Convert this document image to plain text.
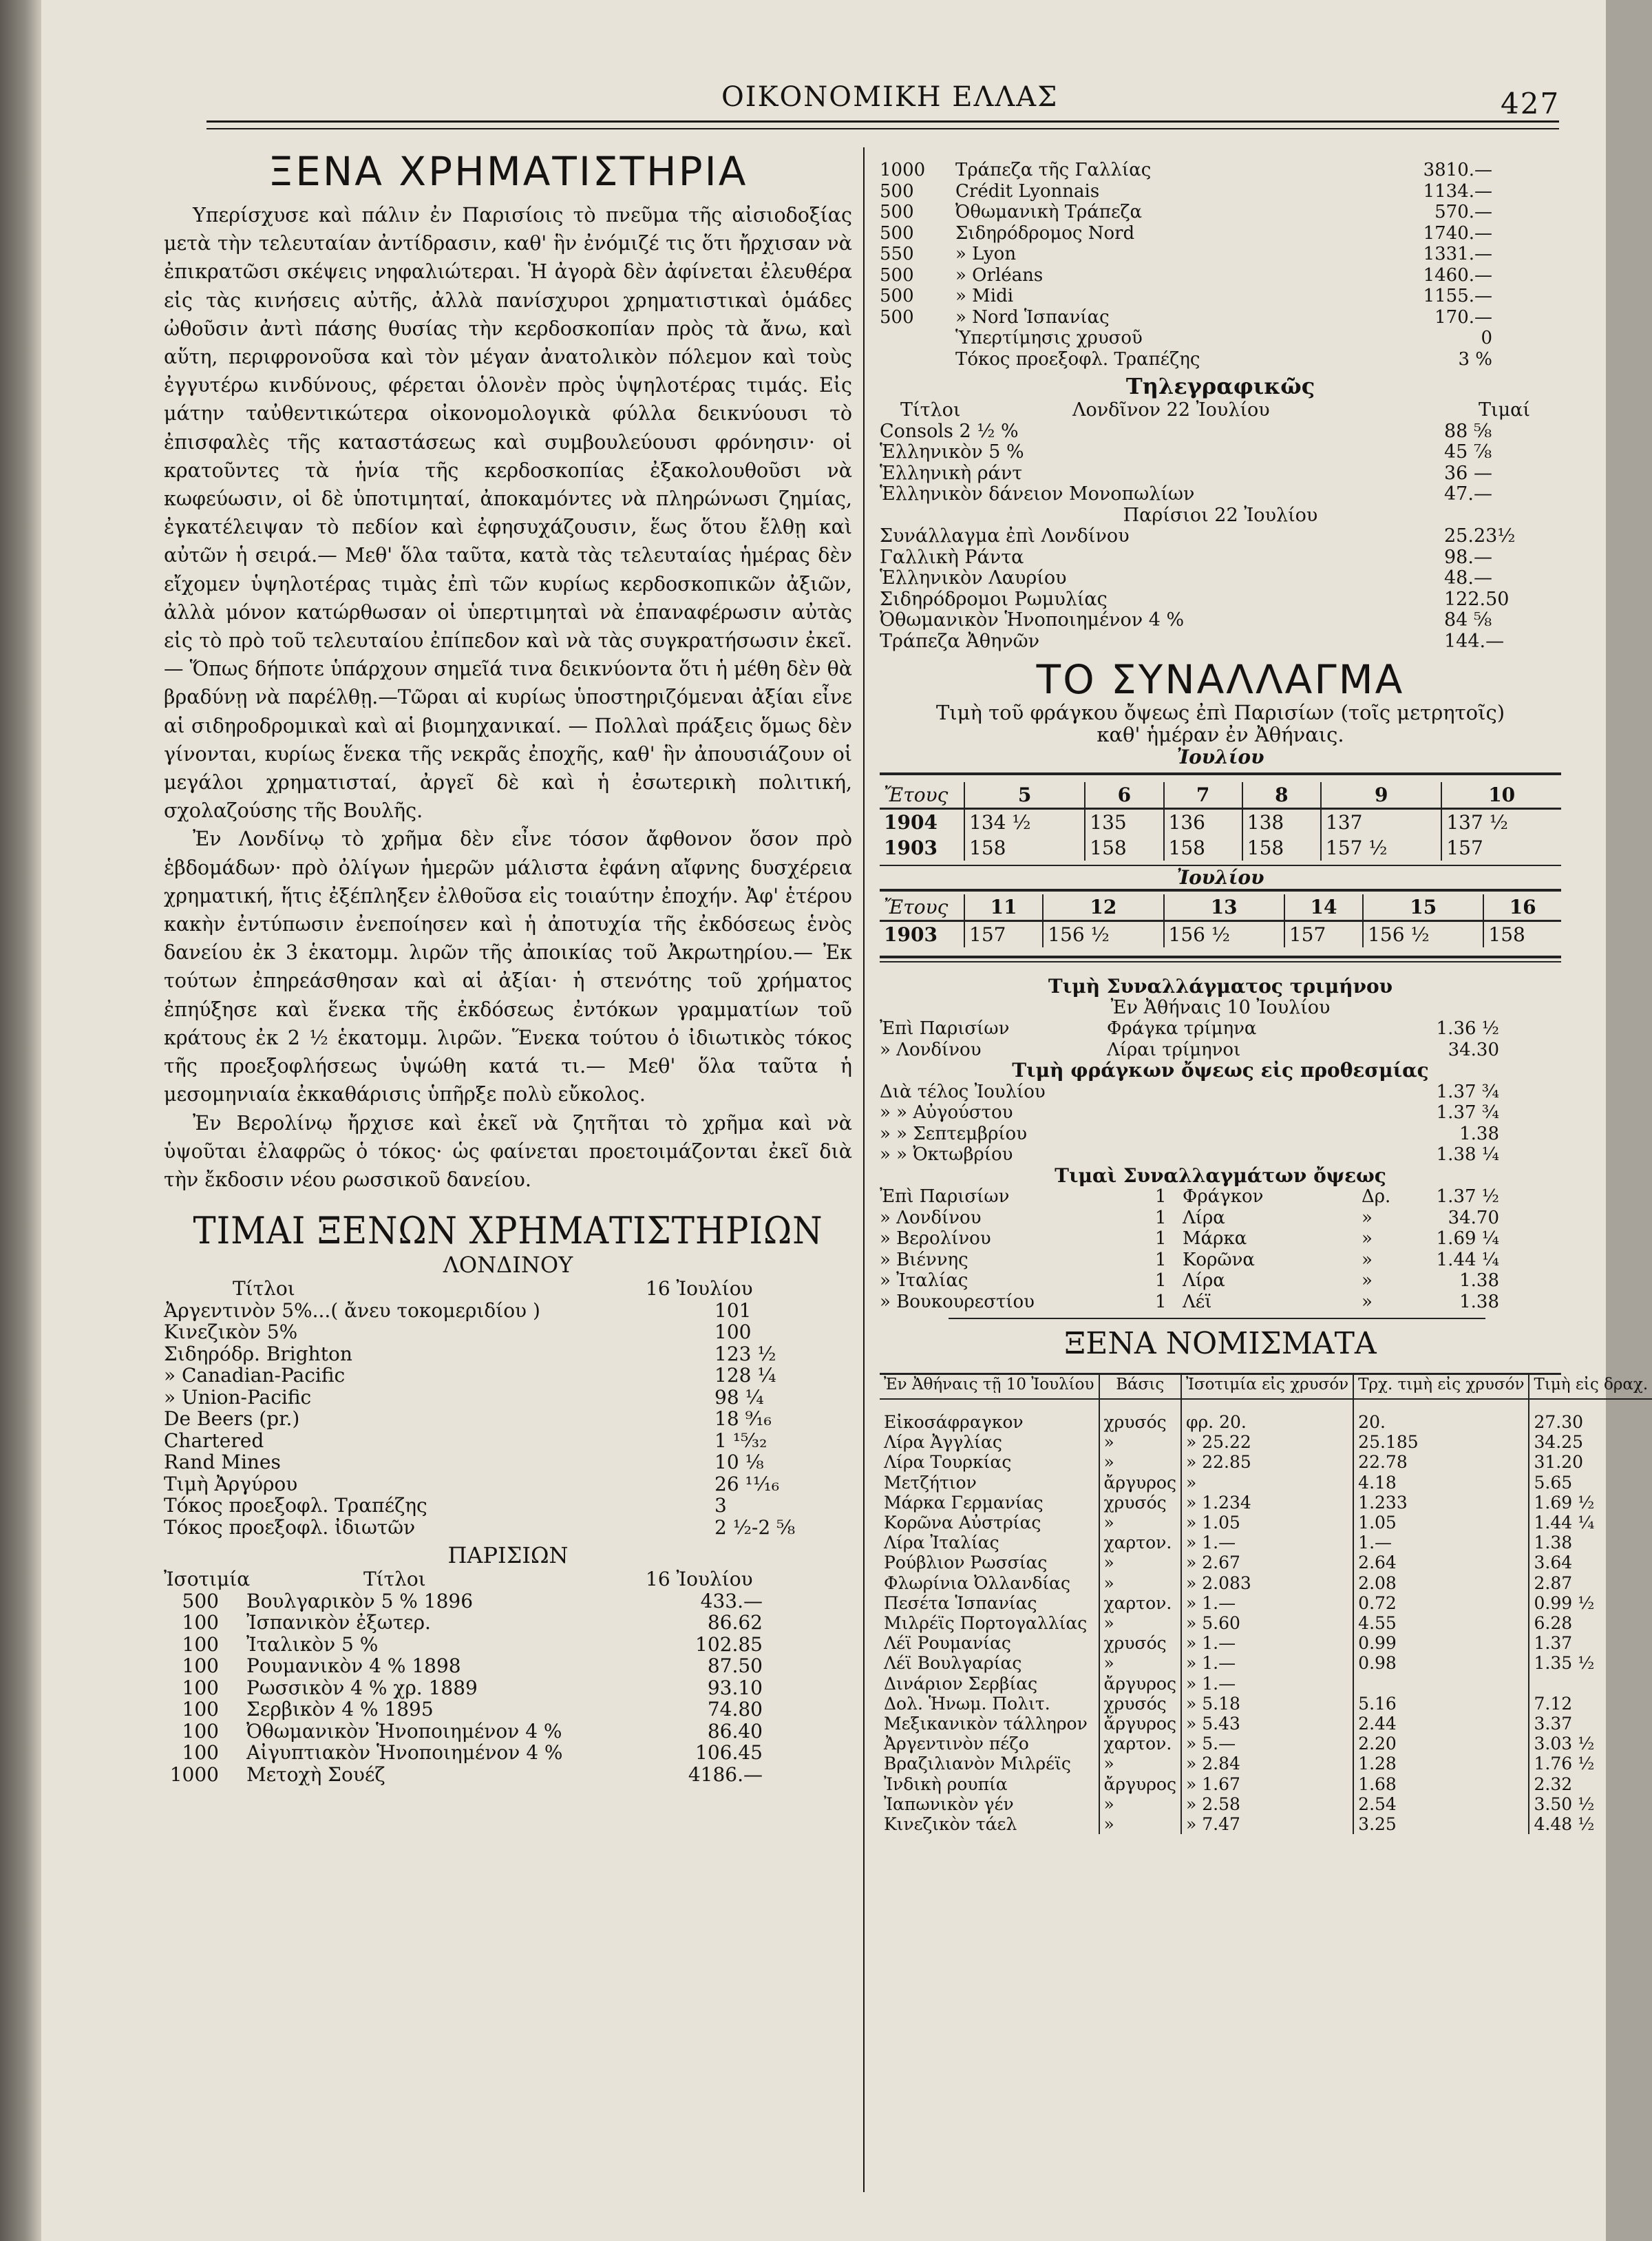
ΟΙΚΟΝΟΜΙΚΗ ΕΛΛΑΣ	427
ΞΕΝΑ ΧΡΗΜΑΤΙΣΤΗΡΙΑ

Υπερίσχυσε καὶ πάλιν ἐν Παρισίοις τὸ πνεῦμα τῆς αἰσιοδοξίας μετὰ τὴν τελευταίαν ἀντίδρασιν, καθ' ἣν ἐνόμιζέ τις ὅτι ἤρχισαν νὰ ἐπικρατῶσι σκέψεις νηφαλιώτεραι. Ἡ ἀγορὰ δὲν ἀφίνεται ἐλευθέρα εἰς τὰς κινήσεις αὐτῆς, ἀλλὰ πανίσχυροι χρηματιστικαὶ ὁμάδες ὠθοῦσιν ἀντὶ πάσης θυσίας τὴν κερδοσκοπίαν πρὸς τὰ ἄνω, καὶ αὕτη, περιφρονοῦσα καὶ τὸν μέγαν ἀνατολικὸν πόλεμον καὶ τοὺς ἐγγυτέρω κινδύνους, φέρεται ὁλονὲν πρὸς ὑψηλοτέρας τιμάς. Εἰς μάτην ταὐθεντικώτερα οἰκονομολογικὰ φύλλα δεικνύουσι τὸ ἐπισφαλὲς τῆς καταστάσεως καὶ συμβουλεύουσι φρόνησιν· οἱ κρατοῦντες τὰ ἡνία τῆς κερδοσκοπίας ἐξακολουθοῦσι νὰ κωφεύωσιν, οἱ δὲ ὑποτιμηταί, ἀποκαμόντες νὰ πληρώνωσι ζημίας, ἐγκατέλειψαν τὸ πεδίον καὶ ἐφησυχάζουσιν, ἕως ὅτου ἔλθῃ καὶ αὐτῶν ἡ σειρά.— Μεθ' ὅλα ταῦτα, κατὰ τὰς τελευταίας ἡμέρας δὲν εἴχομεν ὑψηλοτέρας τιμὰς ἐπὶ τῶν κυρίως κερδοσκοπικῶν ἀξιῶν, ἀλλὰ μόνον κατώρθωσαν οἱ ὑπερτιμηταὶ νὰ ἐπαναφέρωσιν αὐτὰς εἰς τὸ πρὸ τοῦ τελευταίου ἐπίπεδον καὶ νὰ τὰς συγκρατήσωσιν ἐκεῖ. — Ὅπως δήποτε ὑπάρχουν σημεῖά τινα δεικνύοντα ὅτι ἡ μέθη δὲν θὰ βραδύνῃ νὰ παρέλθῃ.—Τῶραι αἱ κυρίως ὑποστηριζόμεναι ἀξίαι εἶνε αἱ σιδηροδρομικαὶ καὶ αἱ βιομηχανικαί. — Πολλαὶ πράξεις ὅμως δὲν γίνονται, κυρίως ἕνεκα τῆς νεκρᾶς ἐποχῆς, καθ' ἣν ἀπουσιάζουν οἱ μεγάλοι χρηματισταί, ἀργεῖ δὲ καὶ ἡ ἐσωτερικὴ πολιτική, σχολαζούσης τῆς Βουλῆς.

Ἐν Λονδίνῳ τὸ χρῆμα δὲν εἶνε τόσον ἄφθονον ὅσον πρὸ ἑβδομάδων· πρὸ ὀλίγων ἡμερῶν μάλιστα ἐφάνη αἴφνης δυσχέρεια χρηματική, ἥτις ἐξέπληξεν ἐλθοῦσα εἰς τοιαύτην ἐποχήν. Ἀφ' ἑτέρου κακὴν ἐντύπωσιν ἐνεποίησεν καὶ ἡ ἀποτυχία τῆς ἐκδόσεως ἑνὸς δανείου ἐκ 3 ἑκατομμ. λιρῶν τῆς ἀποικίας τοῦ Ἀκρωτηρίου.— Ἐκ τούτων ἐπηρεάσθησαν καὶ αἱ ἀξίαι· ἡ στενότης τοῦ χρήματος ἐπηύξησε καὶ ἕνεκα τῆς ἐκδόσεως ἐντόκων γραμματίων τοῦ κράτους ἐκ 2 ½ ἑκατομμ. λιρῶν. Ἕνεκα τούτου ὁ ἰδιωτικὸς τόκος τῆς προεξοφλήσεως ὑψώθη κατά τι.— Μεθ' ὅλα ταῦτα ἡ μεσομηνιαία ἐκκαθάρισις ὑπῆρξε πολὺ εὔκολος.

Ἐν Βερολίνῳ ἤρχισε καὶ ἐκεῖ νὰ ζητῆται τὸ χρῆμα καὶ νὰ ὑψοῦται ἐλαφρῶς ὁ τόκος· ὡς φαίνεται προετοιμάζονται ἐκεῖ διὰ τὴν ἔκδοσιν νέου ρωσσικοῦ δανείου.

ΤΙΜΑΙ ΞΕΝΩΝ ΧΡΗΜΑΤΙΣΤΗΡΙΩΝ
ΛΟΝΔΙΝΟΥ
Τίτλοι	16 Ἰουλίου
Ἀργεντινὸν 5%...( ἄνευ τοκομεριδίου )	101
Κινεζικὸν 5%	100
Σιδηρόδρ. Brighton	123 ½
» Canadian-Pacific	128 ¼
» Union-Pacific	98 ¼
De Beers (pr.)	18 ⁹⁄₁₆
Chartered	1 ¹⁵⁄₃₂
Rand Mines	10 ⅛
Τιμὴ Ἀργύρου	26 ¹¹⁄₁₆
Τόκος προεξοφλ. Τραπέζης	3
Τόκος προεξοφλ. ἰδιωτῶν	2 ½-2 ⅝
ΠΑΡΙΣΙΩΝ
Ἰσοτιμία	Τίτλοι	16 Ἰουλίου
500	Βουλγαρικὸν 5 % 1896	433.—
100	Ἰσπανικὸν ἐξωτερ.	86.62
100	Ἰταλικὸν 5 %	102.85
100	Ρουμανικὸν 4 % 1898	87.50
100	Ρωσσικὸν 4 % χρ. 1889	93.10
100	Σερβικὸν 4 % 1895	74.80
100	Ὀθωμανικὸν Ἡνοποιημένον 4 %	86.40
100	Αἰγυπτιακὸν Ἡνοποιημένον 4 %	106.45
1000	Μετοχὴ Σουέζ	4186.—
1000	Τράπεζα τῆς Γαλλίας	3810.—
500	Crédit Lyonnais	1134.—
500	Ὀθωμανικὴ Τράπεζα	570.—
500	Σιδηρόδρομος Nord	1740.—
550	» Lyon	1331.—
500	» Orléans	1460.—
500	» Midi	1155.—
500	» Nord Ἱσπανίας	170.—
Ὑπερτίμησις χρυσοῦ	0
Τόκος προεξοφλ. Τραπέζης	3 %
Τηλεγραφικῶς
Τίτλοι	Λονδῖνον 22 Ἰουλίου	Τιμαί
Consols 2 ½ %	88 ⅝
Ἑλληνικὸν 5 %	45 ⅞
Ἑλληνικὴ ράντ	36 —
Ἑλληνικὸν δάνειον Μονοπωλίων	47.—
Παρίσιοι 22 Ἰουλίου
Συνάλλαγμα ἐπὶ Λονδίνου	25.23½
Γαλλικὴ Ράντα	98.—
Ἑλληνικὸν Λαυρίου	48.—
Σιδηρόδρομοι Ρωμυλίας	122.50
Ὀθωμανικὸν Ἡνοποιημένον 4 %	84 ⅝
Τράπεζα Ἀθηνῶν	144.—
ΤΟ ΣΥΝΑΛΛΑΓΜΑ
Τιμὴ τοῦ φράγκου ὄψεως ἐπὶ Παρισίων (τοῖς μετρητοῖς)
καθ' ἡμέραν ἐν Ἀθήναις.
Ἰουλίου
Ἔτους	5	6	7	8	9	10
1904	134 ½	135	136	138	137	137 ½
1903	158	158	158	158	157 ½	157
Ἰουλίου
Ἔτους	11	12	13	14	15	16
1903	157	156 ½	156 ½	157	156 ½	158
Τιμὴ Συναλλάγματος τριμήνου
Ἐν Ἀθήναις 10 Ἰουλίου
Ἐπὶ Παρισίων	Φράγκα τρίμηνα	1.36 ½
» Λονδίνου	Λίραι τρίμηνοι	34.30
Τιμὴ φράγκων ὄψεως εἰς προθεσμίας
Διὰ τέλος Ἰουλίου	1.37 ¾
» » Αὐγούστου	1.37 ¾
» » Σεπτεμβρίου	1.38
» » Ὀκτωβρίου	1.38 ¼
Τιμαὶ Συναλλαγμάτων ὄψεως
Ἐπὶ Παρισίων	1 Φράγκον	Δρ.	1.37 ½
» Λονδίνου	1 Λίρα	»	34.70
» Βερολίνου	1 Μάρκα	»	1.69 ¼
» Βιέννης	1 Κορῶνα	»	1.44 ¼
» Ἰταλίας	1 Λίρα	»	1.38
» Βουκουρεστίου	1 Λέϊ	»	1.38
ΞΕΝΑ ΝΟΜΙΣΜΑΤΑ
Ἐν Ἀθήναις τῇ 10 Ἰουλίου	Βάσις	Ἰσοτιμία εἰς χρυσόν	Τρχ. τιμὴ εἰς χρυσόν	Τιμὴ εἰς δραχ.

Εἰκοσάφραγκον	χρυσός	φρ. 20.	20.	27.30
Λίρα Ἀγγλίας	»	» 25.22	25.185	34.25
Λίρα Τουρκίας	»	» 22.85	22.78	31.20
Μετζήτιον	ἄργυρος	»	4.18	5.65
Μάρκα Γερμανίας	χρυσός	» 1.234	1.233	1.69 ½
Κορῶνα Αὐστρίας	»	» 1.05	1.05	1.44 ¼
Λίρα Ἰταλίας	χαρτον.	» 1.—	1.—	1.38
Ρούβλιον Ρωσσίας	»	» 2.67	2.64	3.64
Φλωρίνια Ὀλλανδίας	»	» 2.083	2.08	2.87
Πεσέτα Ἱσπανίας	χαρτον.	» 1.—	0.72	0.99 ½
Μιλρέϊς Πορτογαλλίας	»	» 5.60	4.55	6.28
Λέϊ Ρουμανίας	χρυσός	» 1.—	0.99	1.37
Λέϊ Βουλγαρίας	»	» 1.—	0.98	1.35 ½
Δινάριον Σερβίας	ἄργυρος	» 1.—		
Δολ. Ἡνωμ. Πολιτ.	χρυσός	» 5.18	5.16	7.12
Μεξικανικὸν τάλληρον	ἄργυρος	» 5.43	2.44	3.37
Ἀργεντινὸν πέζο	χαρτον.	» 5.—	2.20	3.03 ½
Βραζιλιανὸν Μιλρέϊς	»	» 2.84	1.28	1.76 ½
Ἰνδικὴ ρουπία	ἄργυρος	» 1.67	1.68	2.32
Ἰαπωνικὸν γέν	»	» 2.58	2.54	3.50 ½
Κινεζικὸν τάελ	»	» 7.47	3.25	4.48 ½
